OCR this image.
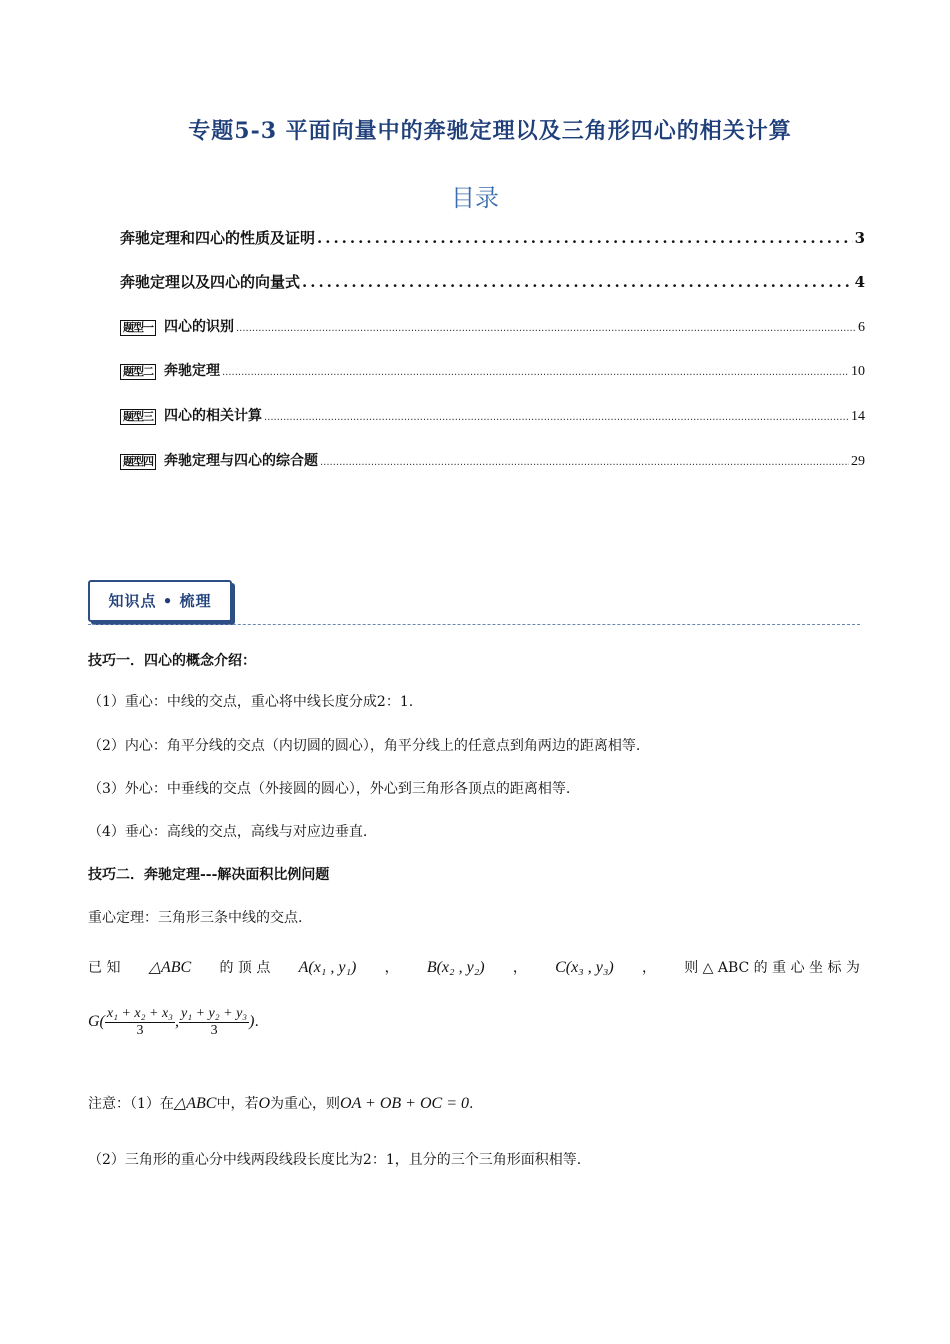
专题5-3 平面向量中的奔驰定理以及三角形四心的相关计算
目录
奔驰定理和四心的性质及证明 .....	3
奔驰定理以及四心的向量式 .....	4
题型一 四心的识别 .....	6
题型二 奔驰定理 .....	10
题型三 四心的相关计算 .....	14
题型四 奔驰定理与四心的综合题 .....	29
知识点 • 梳理
技巧一．四心的概念介绍：
（1）重心：中线的交点，重心将中线长度分成2：1.
（2）内心：角平分线的交点（内切圆的圆心），角平分线上的任意点到角两边的距离相等.
（3）外心：中垂线的交点（外接圆的圆心），外心到三角形各顶点的距离相等.
（4）垂心：高线的交点，高线与对应边垂直.
技巧二．奔驰定理---解决面积比例问题
重心定理：三角形三条中线的交点.
已 知 △ABC 的 顶 点 A(x₁ , y₁) ， B(x₂ , y₂) ， C(x₃ , y₃) ， 则 △ ABC 的 重 心 坐 标 为
$G( \frac{\text{x₁ + x₂ + x₃}}{3}$ , $\frac{\text{y₁ + y₂ + y₃}}{3}$ ).
注意：（1）在△ABC中，若O为重心，则OA + OB + OC = 0.
（2）三角形的重心分中线两段线段长度比为2：1，且分的三个三角形面积相等.
